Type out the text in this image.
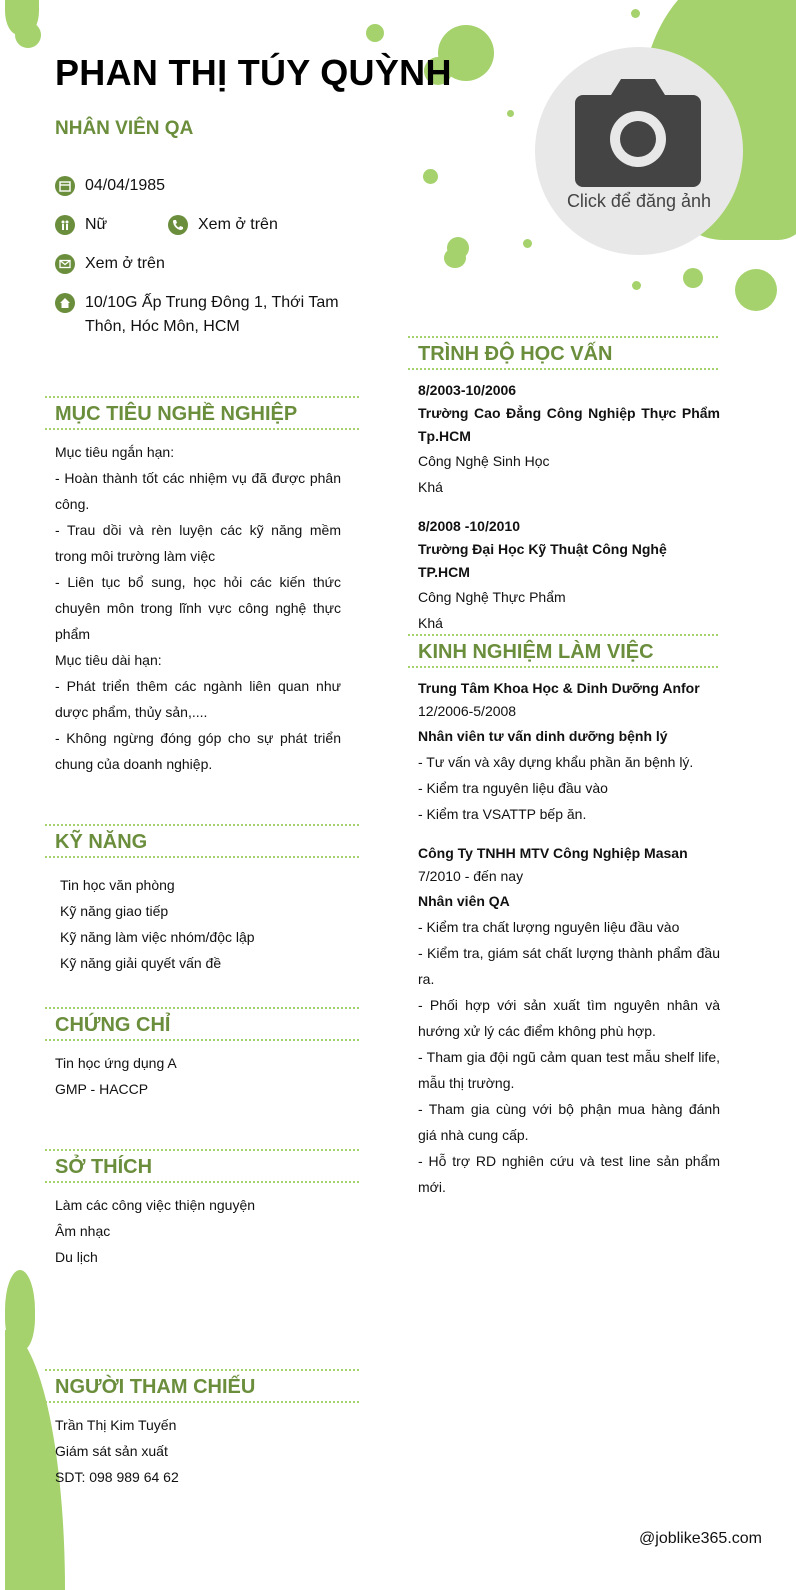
PHAN THỊ TÚY QUỲNH
NHÂN VIÊN QA
Click để đăng ảnh
04/04/1985
Nữ	Xem ở trên
Xem ở trên
10/10G Ấp Trung Đông 1, Thới Tam
Thôn, Hóc Môn, HCM
MỤC TIÊU NGHỀ NGHIỆP

Mục tiêu ngắn hạn:

- Hoàn thành tốt các nhiệm vụ đã được phân công.

- Trau dồi và rèn luyện các kỹ năng mềm trong môi trường làm việc

- Liên tục bổ sung, học hỏi các kiến thức chuyên môn trong lĩnh vực công nghệ thực phẩm

Mục tiêu dài hạn:

- Phát triển thêm các ngành liên quan như dược phẩm, thủy sản,....

- Không ngừng đóng góp cho sự phát triển chung của doanh nghiệp.

KỸ NĂNG

Tin học văn phòng

Kỹ năng giao tiếp

Kỹ năng làm việc nhóm/độc lập

Kỹ năng giải quyết vấn đề

CHỨNG CHỈ

Tin học ứng dụng A

GMP - HACCP

SỞ THÍCH

Làm các công việc thiện nguyện

Âm nhạc

Du lịch

NGƯỜI THAM CHIẾU

Trần Thị Kim Tuyến

Giám sát sản xuất

SDT: 098 989 64 62

TRÌNH ĐỘ HỌC VẤN

8/2003-10/2006

Trường Cao Đẳng Công Nghiệp Thực Phẩm Tp.HCM

Công Nghệ Sinh Học

Khá

8/2008 -10/2010

Trường Đại Học Kỹ Thuật Công Nghệ TP.HCM

Công Nghệ Thực Phẩm

Khá

KINH NGHIỆM LÀM VIỆC

Trung Tâm Khoa Học & Dinh Dưỡng Anfor

12/2006-5/2008

Nhân viên tư vấn dinh dưỡng bệnh lý

- Tư vấn và xây dựng khẩu phần ăn bệnh lý.

- Kiểm tra nguyên liệu đầu vào

- Kiểm tra VSATTP bếp ăn.

Công Ty TNHH MTV Công Nghiệp Masan

7/2010 - đến nay

Nhân viên QA

- Kiểm tra chất lượng nguyên liệu đầu vào

- Kiểm tra, giám sát chất lượng thành phẩm đầu ra.

- Phối hợp với sản xuất tìm nguyên nhân và hướng xử lý các điểm không phù hợp.

- Tham gia đội ngũ cảm quan test mẫu shelf life, mẫu thị trường.

- Tham gia cùng với bộ phận mua hàng đánh giá nhà cung cấp.

- Hỗ trợ RD nghiên cứu và test line sản phẩm mới.

@joblike365.com
